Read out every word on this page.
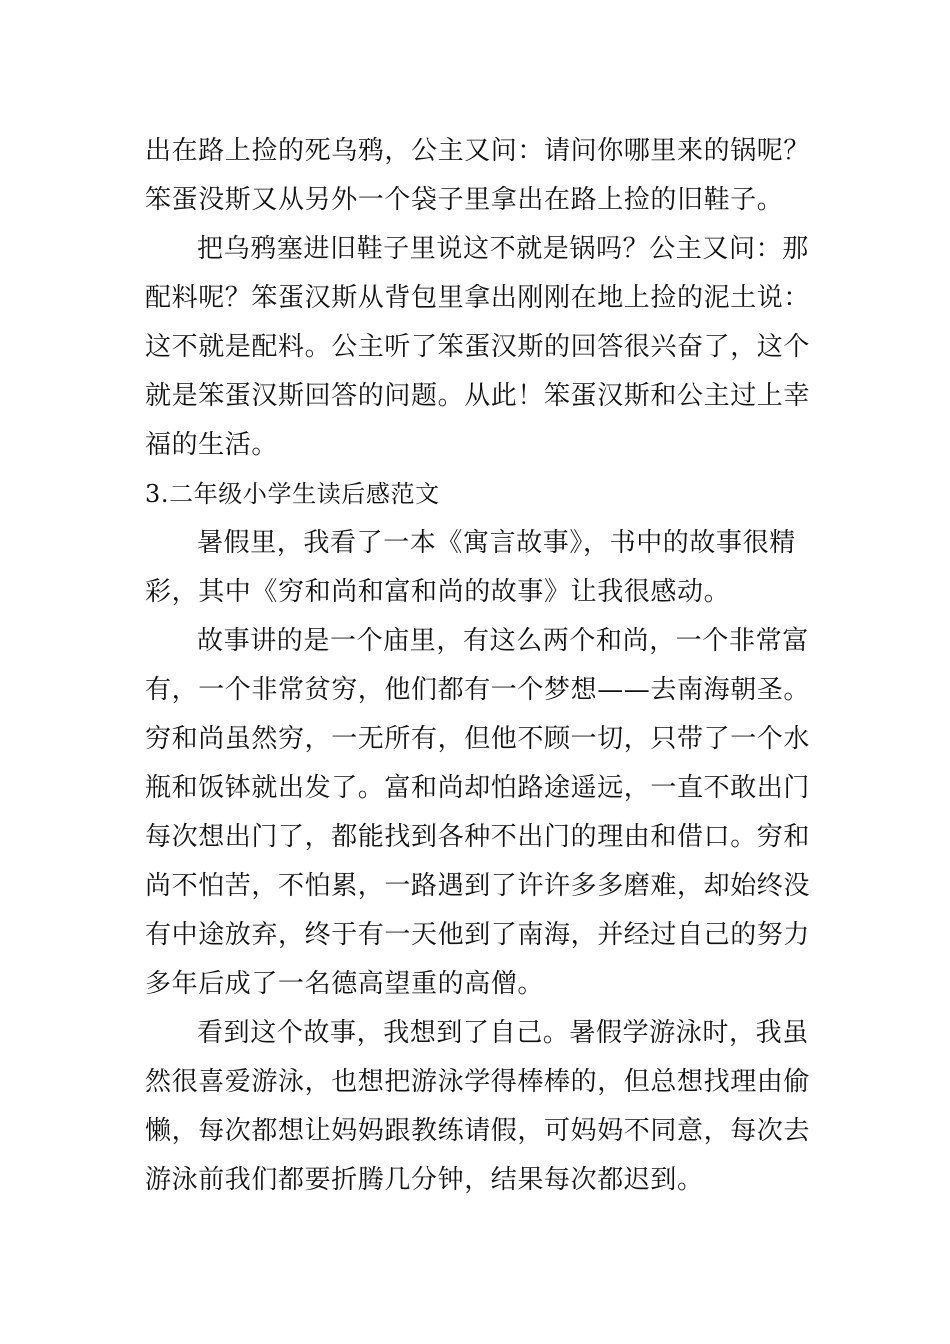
出在路上捡的死乌鸦，公主又问：请问你哪里来的锅呢？
笨蛋没斯又从另外一个袋子里拿出在路上捡的旧鞋子。
把乌鸦塞进旧鞋子里说这不就是锅吗？公主又问：那
配料呢？笨蛋汉斯从背包里拿出刚刚在地上捡的泥土说：
这不就是配料。公主听了笨蛋汉斯的回答很兴奋了，这个
就是笨蛋汉斯回答的问题。从此！笨蛋汉斯和公主过上幸
福的生活。
3.二年级小学生读后感范文
暑假里，我看了一本《寓言故事》，书中的故事很精
彩，其中《穷和尚和富和尚的故事》让我很感动。
故事讲的是一个庙里，有这么两个和尚，一个非常富
有，一个非常贫穷，他们都有一个梦想——去南海朝圣。
穷和尚虽然穷，一无所有，但他不顾一切，只带了一个水
瓶和饭钵就出发了。富和尚却怕路途遥远，一直不敢出门
每次想出门了，都能找到各种不出门的理由和借口。穷和
尚不怕苦，不怕累，一路遇到了许许多多磨难，却始终没
有中途放弃，终于有一天他到了南海，并经过自己的努力
多年后成了一名德高望重的高僧。
看到这个故事，我想到了自己。暑假学游泳时，我虽
然很喜爱游泳，也想把游泳学得棒棒的，但总想找理由偷
懒，每次都想让妈妈跟教练请假，可妈妈不同意，每次去
游泳前我们都要折腾几分钟，结果每次都迟到。
